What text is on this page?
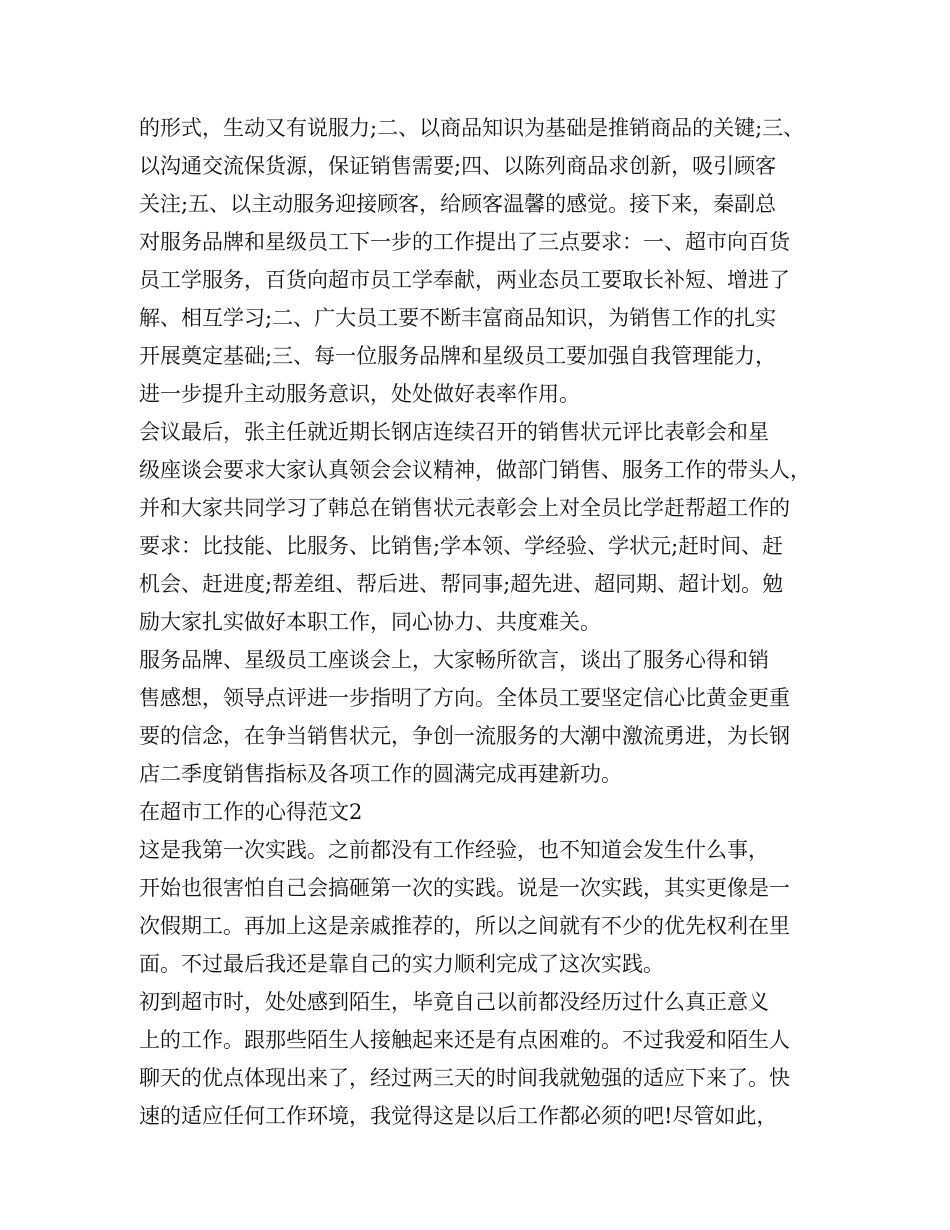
的形式，生动又有说服力;二、以商品知识为基础是推销商品的关键;三、
以沟通交流保货源，保证销售需要;四、以陈列商品求创新，吸引顾客
关注;五、以主动服务迎接顾客，给顾客温馨的感觉。接下来，秦副总
对服务品牌和星级员工下一步的工作提出了三点要求：一、超市向百货
员工学服务，百货向超市员工学奉献，两业态员工要取长补短、增进了
解、相互学习;二、广大员工要不断丰富商品知识，为销售工作的扎实
开展奠定基础;三、每一位服务品牌和星级员工要加强自我管理能力，
进一步提升主动服务意识，处处做好表率作用。
会议最后，张主任就近期长钢店连续召开的销售状元评比表彰会和星
级座谈会要求大家认真领会会议精神，做部门销售、服务工作的带头人，
并和大家共同学习了韩总在销售状元表彰会上对全员比学赶帮超工作的
要求：比技能、比服务、比销售;学本领、学经验、学状元;赶时间、赶
机会、赶进度;帮差组、帮后进、帮同事;超先进、超同期、超计划。勉
励大家扎实做好本职工作，同心协力、共度难关。
服务品牌、星级员工座谈会上，大家畅所欲言，谈出了服务心得和销
售感想，领导点评进一步指明了方向。全体员工要坚定信心比黄金更重
要的信念，在争当销售状元，争创一流服务的大潮中激流勇进，为长钢
店二季度销售指标及各项工作的圆满完成再建新功。
在超市工作的心得范文2
这是我第一次实践。之前都没有工作经验，也不知道会发生什么事，
开始也很害怕自己会搞砸第一次的实践。说是一次实践，其实更像是一
次假期工。再加上这是亲戚推荐的，所以之间就有不少的优先权利在里
面。不过最后我还是靠自己的实力顺利完成了这次实践。
初到超市时，处处感到陌生，毕竟自己以前都没经历过什么真正意义
上的工作。跟那些陌生人接触起来还是有点困难的。不过我爱和陌生人
聊天的优点体现出来了，经过两三天的时间我就勉强的适应下来了。快
速的适应任何工作环境，我觉得这是以后工作都必须的吧!尽管如此，
